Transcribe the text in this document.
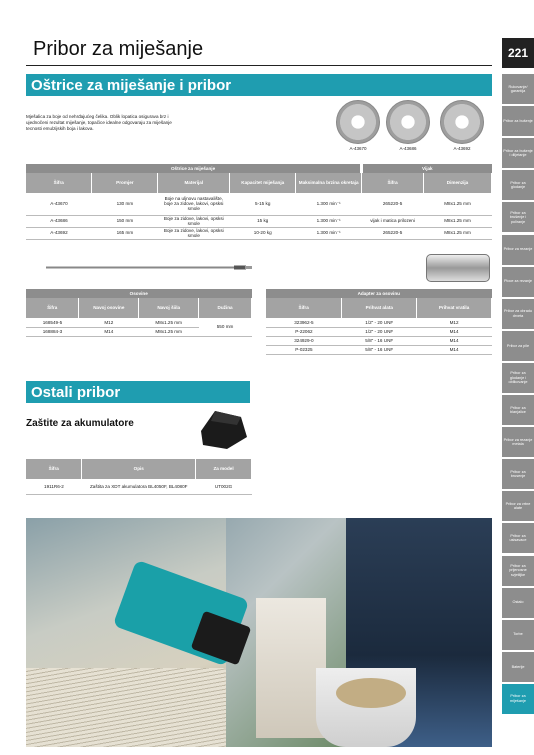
Pribor za miješanje	221
Oštrice za miješanje i pribor
Mješalica za boje od nehrđajućeg čelika. Oblik lopatica osigurava brz i ujednočeni rezultat miješanje, topačice idealne odgovaraju za miješanje tecnosti emulzijskih boja i lakova.
A-43670	A-43686	A-43692
Oštrice za miješanje					Vijak	
Šifra	Promjer	Materijal	Kapacitet miješanja	Maksimalna brzina okretaja	Šifra	Dimenzija
A-43670	130 mm	Boje na uljnovu nastavalište, boje za zidove, lakovi, opsksi smole	5-15 kg	1.300 min⁻¹	265220-5	M8x1.25 mm
A-43686	150 mm	Boje za zidove, lakovi, opsksi smole	15 kg	1.300 min⁻¹	vijak i matica prilozeni	M8x1.25 mm
A-43692	165 mm	Boje za zidove, lakovi, opsksi smole	10-20 kg	1.300 min⁻¹	265220-5	M8x1.25 mm
Osovine			
Šifra	Navoj osovine	Navoj šiila	Dužina
168549-5	M12	M8x1.25 mm	550 mm
168884-3	M14	M8x1.25 mm	
Adapter za osovinu		
Šifra	Prihvat alata	Prihvat vratila
323962-5	1/2" - 20 UNF	M12
P-22062	1/2" - 20 UNF	M14
324929-0	5/8" - 16 UNF	M14
P-02325	5/8" - 16 UNF	M14
Ostali pribor
Zaštite za akumulatore
Šifra	Opis	Za model
1911R6-2	Zaštita za XDT akumulatora BL4050F, BL4080F	UT002G
Rukovanje/ garantija
Pribor za bušenje
Pribor za bušenje i dlijetanje
Pribor za glodanje
Pribor za brušenje i poliranje
Pribor za rezanje
Ploce za rezanje
Pribor za obradu drveta
Pribor za pile
Pribor za glodanje i oblikovanje
Pribor za blanjalice
Pribor za rezanje metala
Pribor za brusenje
Pribor za vrtne alate
Pribor za usisavace
Pribor za prijenosne svjetiljke
Ostalo
Torbe
Baterije
Pribor za miješanje
